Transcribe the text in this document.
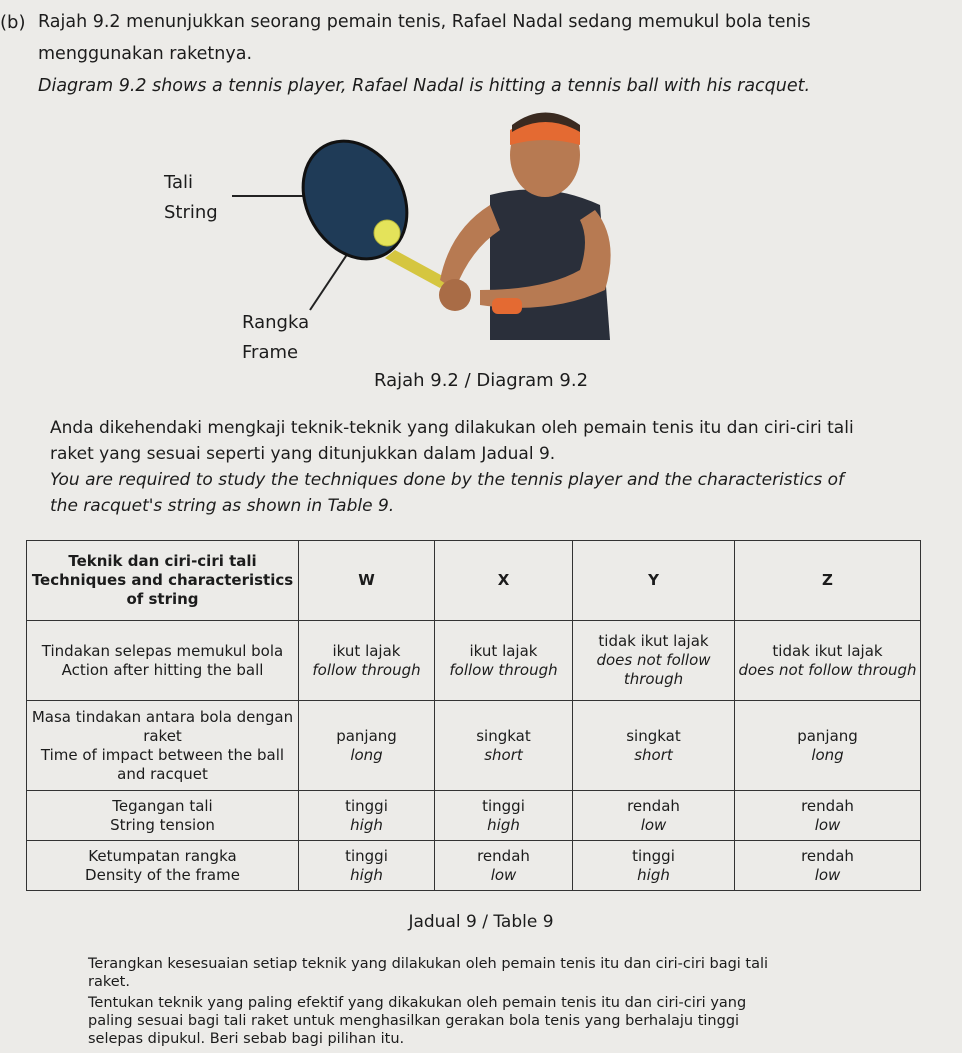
(b) Rajah 9.2 menunjukkan seorang pemain tenis, Rafael Nadal sedang memukul bola tenis
menggunakan raketnya.
Diagram 9.2 shows a tennis player, Rafael Nadal is hitting a tennis ball with his racquet.
Tali
String
Rangka
Frame
Rajah 9.2 / Diagram 9.2
Anda dikehendaki mengkaji teknik-teknik yang dilakukan oleh pemain tenis itu dan ciri-ciri tali
raket yang sesuai seperti yang ditunjukkan dalam Jadual 9.
You are required to study the techniques done by the tennis player and the characteristics of
the racquet's string as shown in Table 9.
Teknik dan ciri-ciri tali
Techniques and characteristics of string	W	X	Y	Z

Tindakan selepas memukul bola
Action after hitting the ball	ikut lajak
follow through	ikut lajak
follow through	tidak ikut lajak
does not follow through	tidak ikut lajak
does not follow through

Masa tindakan antara bola dengan raket
Time of impact between the ball and racquet	panjang
long	singkat
short	singkat
short	panjang
long

Tegangan tali
String tension	tinggi
high	tinggi
high	rendah
low	rendah
low

Ketumpatan rangka
Density of the frame	tinggi
high	rendah
low	tinggi
high	rendah
low
Jadual 9 / Table 9
Terangkan kesesuaian setiap teknik yang dilakukan oleh pemain tenis itu dan ciri-ciri bagi tali
raket.
Tentukan teknik yang paling efektif yang dikakukan oleh pemain tenis itu dan ciri-ciri yang
paling sesuai bagi tali raket untuk menghasilkan gerakan bola tenis yang berhalaju tinggi
selepas dipukul. Beri sebab bagi pilihan itu.
